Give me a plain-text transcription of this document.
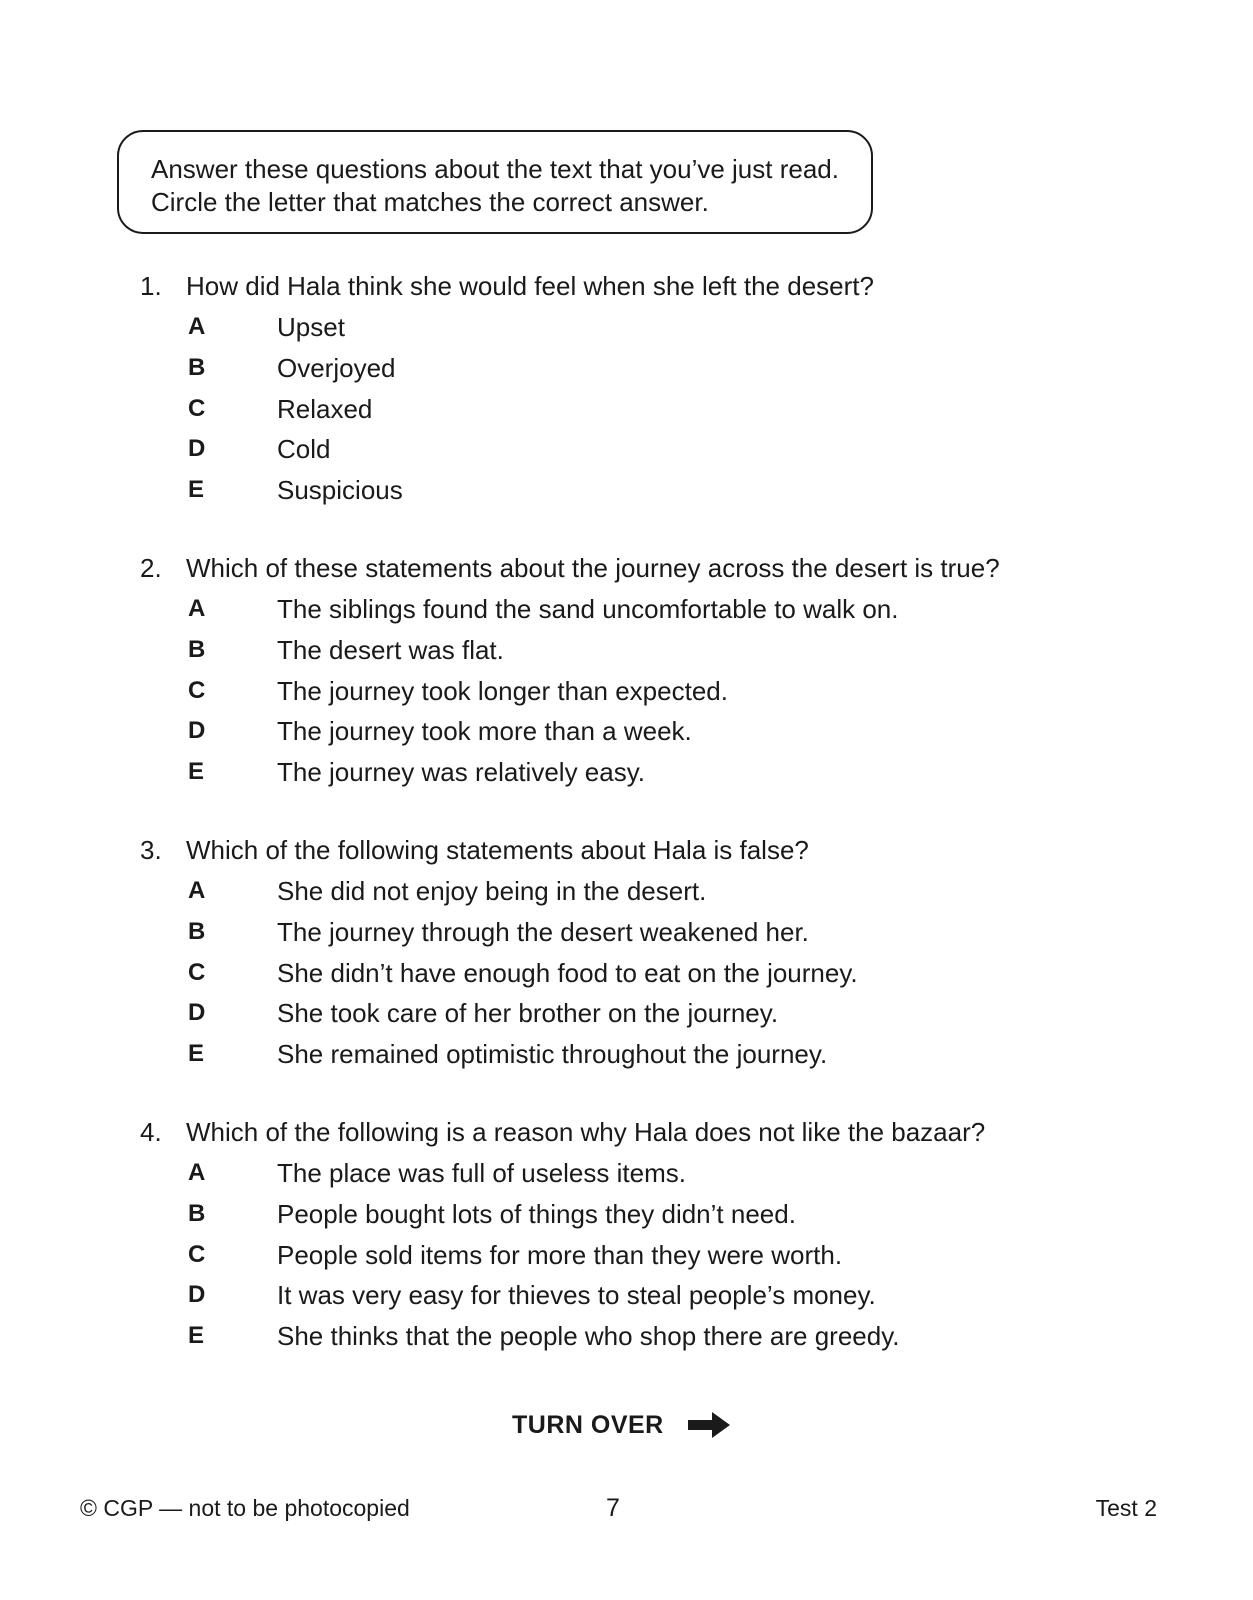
Answer these questions about the text that you’ve just read.
Circle the letter that matches the correct answer.
1. How did Hala think she would feel when she left the desert?
A	Upset
B	Overjoyed
C	Relaxed
D	Cold
E	Suspicious
2. Which of these statements about the journey across the desert is true?
A	The siblings found the sand uncomfortable to walk on.
B	The desert was flat.
C	The journey took longer than expected.
D	The journey took more than a week.
E	The journey was relatively easy.
3. Which of the following statements about Hala is false?
A	She did not enjoy being in the desert.
B	The journey through the desert weakened her.
C	She didn’t have enough food to eat on the journey.
D	She took care of her brother on the journey.
E	She remained optimistic throughout the journey.
4. Which of the following is a reason why Hala does not like the bazaar?
A	The place was full of useless items.
B	People bought lots of things they didn’t need.
C	People sold items for more than they were worth.
D	It was very easy for thieves to steal people’s money.
E	She thinks that the people who shop there are greedy.
TURN OVER
© CGP — not to be photocopied	7	Test 2
